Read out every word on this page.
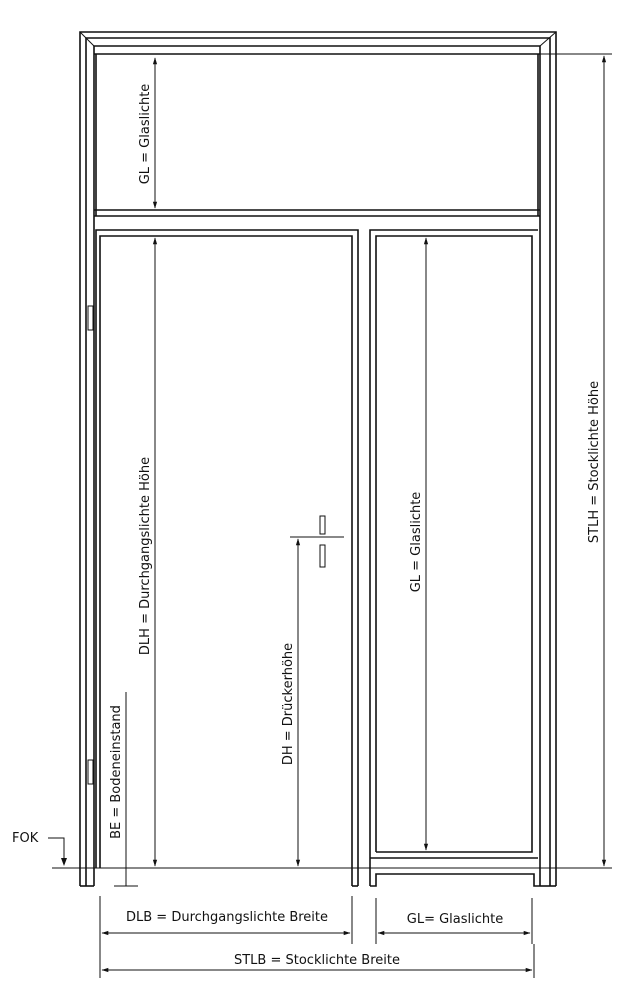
FOK
GL = Glaslichte
DLH = Durchgangslichte Höhe
BE = Bodeneinstand
DH = Drückerhöhe
GL = Glaslichte	STLH = Stocklichte Höhe
DLB = Durchgangslichte Breite	GL= Glaslichte
STLB = Stocklichte Breite
